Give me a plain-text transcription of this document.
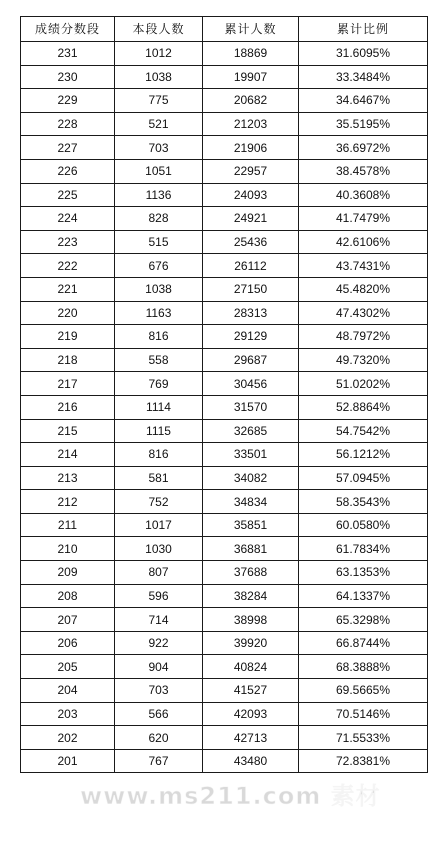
成绩分数段	本段人数	累计人数	累计比例
231	1012	18869	31.6095%
230	1038	19907	33.3484%
229	775	20682	34.6467%
228	521	21203	35.5195%
227	703	21906	36.6972%
226	1051	22957	38.4578%
225	1136	24093	40.3608%
224	828	24921	41.7479%
223	515	25436	42.6106%
222	676	26112	43.7431%
221	1038	27150	45.4820%
220	1163	28313	47.4302%
219	816	29129	48.7972%
218	558	29687	49.7320%
217	769	30456	51.0202%
216	1114	31570	52.8864%
215	1115	32685	54.7542%
214	816	33501	56.1212%
213	581	34082	57.0945%
212	752	34834	58.3543%
211	1017	35851	60.0580%
210	1030	36881	61.7834%
209	807	37688	63.1353%
208	596	38284	64.1337%
207	714	38998	65.3298%
206	922	39920	66.8744%
205	904	40824	68.3888%
204	703	41527	69.5665%
203	566	42093	70.5146%
202	620	42713	71.5533%
201	767	43480	72.8381%
www.ms211.com 素材
